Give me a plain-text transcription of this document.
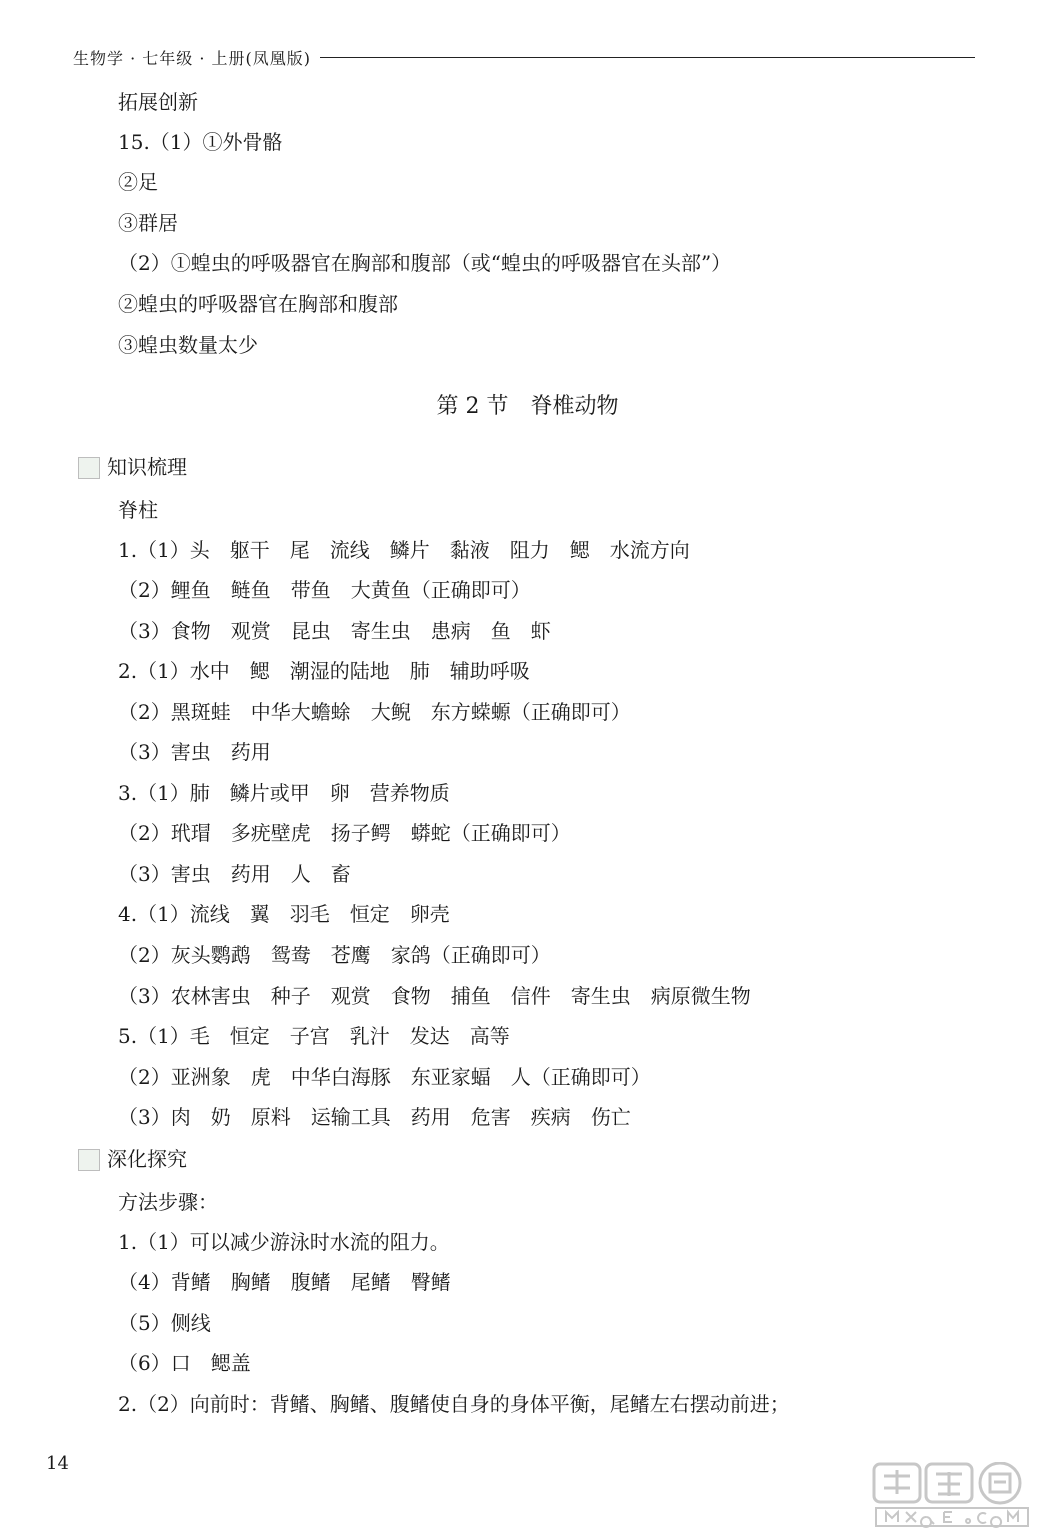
生物学 · 七年级 · 上册(凤凰版)
拓展创新
15.（1）①外骨骼
②足
③群居
（2）①蝗虫的呼吸器官在胸部和腹部（或“蝗虫的呼吸器官在头部”）
②蝗虫的呼吸器官在胸部和腹部
③蝗虫数量太少
第 2 节　脊椎动物
知识梳理
脊柱
1.（1）头　躯干　尾　流线　鳞片　黏液　阻力　鳃　水流方向
（2）鲤鱼　鲢鱼　带鱼　大黄鱼（正确即可）
（3）食物　观赏　昆虫　寄生虫　患病　鱼　虾
2.（1）水中　鳃　潮湿的陆地　肺　辅助呼吸
（2）黑斑蛙　中华大蟾蜍　大鲵　东方蝾螈（正确即可）
（3）害虫　药用
3.（1）肺　鳞片或甲　卵　营养物质
（2）玳瑁　多疣壁虎　扬子鳄　蟒蛇（正确即可）
（3）害虫　药用　人　畜
4.（1）流线　翼　羽毛　恒定　卵壳
（2）灰头鹦鹉　鸳鸯　苍鹰　家鸽（正确即可）
（3）农林害虫　种子　观赏　食物　捕鱼　信件　寄生虫　病原微生物
5.（1）毛　恒定　子宫　乳汁　发达　高等
（2）亚洲象　虎　中华白海豚　东亚家蝠　人（正确即可）
（3）肉　奶　原料　运输工具　药用　危害　疾病　伤亡
深化探究
方法步骤：
1.（1）可以减少游泳时水流的阻力。
（4）背鳍　胸鳍　腹鳍　尾鳍　臀鳍
（5）侧线
（6）口　鳃盖
2.（2）向前时：背鳍、胸鳍、腹鳍使自身的身体平衡，尾鳍左右摆动前进；
14
